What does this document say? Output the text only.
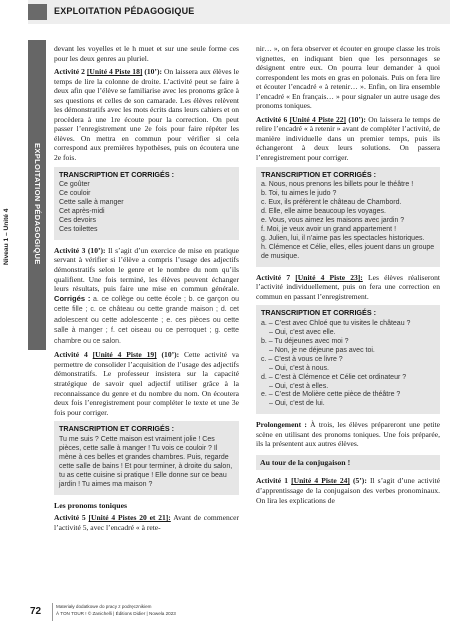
EXPLOITATION PÉDAGOGIQUE
EXPLOITATION PÉDAGOGIQUE
Niveau 1 – Unité 4

devant les voyelles et le h muet et sur une seule forme ces pour les deux genres au pluriel.

Activité 2 [Unité 4 Piste 18] (10’): On laissera aux élèves le temps de lire la colonne de droite. L’activité peut se faire à deux afin que l’élève se familiarise avec les pronoms grâce à ses questions et celles de son camarade. Les élèves relèvent les démonstratifs avec les mots écrits dans leurs cahiers et on procèdera à une 1re écoute pour la correction. On peut passer l’enregistrement une 2e fois pour faire répéter les élèves. On mettra en commun pour vérifier si cela correspond aux premières hypothèses, puis on écoutera une 2e fois.

TRANSCRIPTION ET CORRIGÉS :
Ce goûter
Ce couloir
Cette salle à manger
Cet après-midi
Ces devoirs
Ces toilettes

Activité 3 (10’): Il s’agit d’un exercice de mise en pratique servant à vérifier si l’élève a compris l’usage des adjectifs démonstratifs selon le genre et le nombre du nom qu’ils qualifient. Une fois terminé, les élèves peuvent échanger leurs résultats, puis faire une mise en commun générale. Corrigés : a. ce collège ou cette école ; b. ce garçon ou cette fille ; c. ce château ou cette grande maison ; d. cet adolescent ou cette adolescente ; e. ces pièces ou cette salle à manger ; f. cet oiseau ou ce perroquet ; g. cette chambre ou ce salon.

Activité 4 [Unité 4 Piste 19] (10’): Cette activité va permettre de consolider l’acquisition de l’usage des adjectifs démonstratifs. Le professeur insistera sur la capacité stratégique de savoir quel adjectif utiliser grâce à la reconnaissance du genre et du nombre du nom. On écoutera deux fois l’enregistrement pour compléter le texte et une 3e fois pour corriger.

TRANSCRIPTION ET CORRIGÉS :
Tu me suis ? Cette maison est vraiment jolie ! Ces pièces, cette salle à manger ! Tu vois ce couloir ? Il mène à ces belles et grandes chambres. Puis, regarde cette salle de bains ! Et pour terminer, à droite du salon, tu as cette cuisine si pratique ! Elle donne sur ce beau jardin ! Tu aimes ma maison ?
Les pronoms toniques

Activité 5 [Unité 4 Pistes 20 et 21]: Avant de commencer l’activité 5, avec l’encadré « à rete-

nir… », on fera observer et écouter en groupe classe les trois vignettes, en indiquant bien que les personnages se désignent entre eux. On pourra leur demander à quoi correspondent les mots en gras en polonais. Puis on fera lire et écouter l’encadré « à retenir… ». Enfin, on lira ensemble l’encadré « En français… » pour signaler un autre usage des pronoms toniques.

Activité 6 [Unité 4 Piste 22] (10’): On laissera le temps de relire l’encadré « à retenir » avant de compléter l’activité, de manière individuelle dans un premier temps, puis ils échangeront à deux leurs solutions. On passera l’enregistrement pour corriger.

TRANSCRIPTION ET CORRIGÉS :
a. Nous, nous prenons les billets pour le théâtre !
b. Toi, tu aimes le judo ?
c. Eux, ils préfèrent le château de Chambord.
d. Elle, elle aime beaucoup les voyages.
e. Vous, vous aimez les maisons avec jardin ?
f. Moi, je veux avoir un grand appartement !
g. Julien, lui, il n’aime pas les spectacles historiques.
h. Clémence et Célie, elles, elles jouent dans un groupe de musique.

Activité 7 [Unité 4 Piste 23]: Les élèves réaliseront l’activité individuellement, puis on fera une correction en commun en passant l’enregistrement.

TRANSCRIPTION ET CORRIGÉS :
a. – C’est avec Chloé que tu visites le château ?
– Oui, c’est avec elle.
b. – Tu déjeunes avec moi ?
– Non, je ne déjeune pas avec toi.
c. – C’est à vous ce livre ?
– Oui, c’est à nous.
d. – C’est à Clémence et Célie cet ordinateur ?
– Oui, c’est à elles.
e. – C’est de Molière cette pièce de théâtre ?
– Oui, c’est de lui.

Prolongement : À trois, les élèves prépareront une petite scène en utilisant des pronoms toniques. Une fois préparée, ils la présentent aux autres élèves.

Au tour de la conjugaison !

Activité 1 [Unité 4 Piste 24] (5’): Il s’agit d’une activité d’apprentissage de la conjugaison des verbes pronominaux. On lira les explications de

72	Materiały dodatkowe do pracy z podręcznikiem
À TON TOUR ! © Zanichelli | Éditions Didier | Nowela 2023
